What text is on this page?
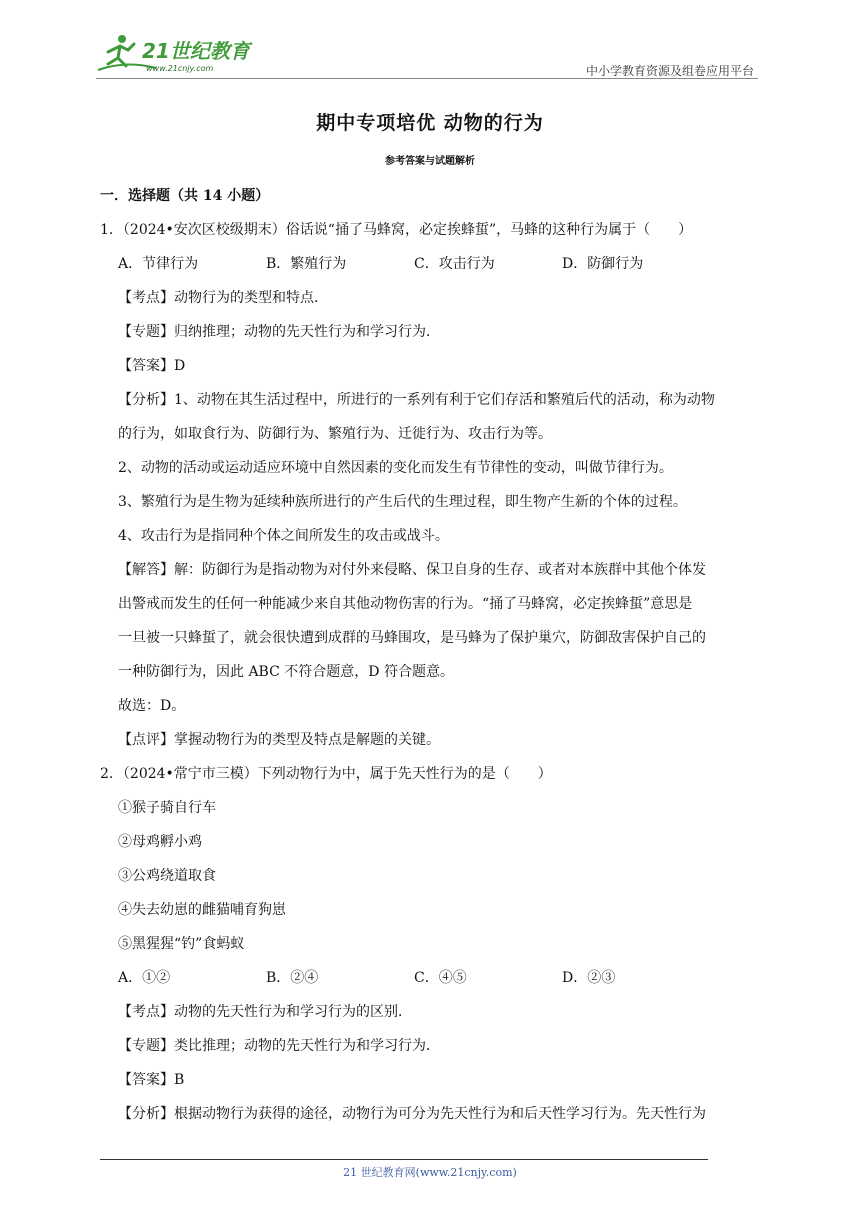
21世纪教育
www.21cnjy.com	中小学教育资源及组卷应用平台
期中专项培优 动物的行为
参考答案与试题解析
一．选择题（共 14 小题）
1．（2024•安次区校级期末）俗话说“捅了马蜂窝，必定挨蜂蜇”，马蜂的这种行为属于（　　）
A．节律行为	B．繁殖行为	C．攻击行为	D．防御行为
【考点】动物行为的类型和特点．
【专题】归纳推理；动物的先天性行为和学习行为．
【答案】D
【分析】1、动物在其生活过程中，所进行的一系列有利于它们存活和繁殖后代的活动，称为动物
的行为，如取食行为、防御行为、繁殖行为、迁徙行为、攻击行为等。
2、动物的活动或运动适应环境中自然因素的变化而发生有节律性的变动，叫做节律行为。
3、繁殖行为是生物为延续种族所进行的产生后代的生理过程，即生物产生新的个体的过程。
4、攻击行为是指同种个体之间所发生的攻击或战斗。
【解答】解：防御行为是指动物为对付外来侵略、保卫自身的生存、或者对本族群中其他个体发
出警戒而发生的任何一种能减少来自其他动物伤害的行为。“捅了马蜂窝，必定挨蜂蜇”意思是
一旦被一只蜂蜇了，就会很快遭到成群的马蜂围攻，是马蜂为了保护巢穴，防御敌害保护自己的
一种防御行为，因此 ABC 不符合题意，D 符合题意。
故选：D。
【点评】掌握动物行为的类型及特点是解题的关键。
2．（2024•常宁市三模）下列动物行为中，属于先天性行为的是（　　）
①猴子骑自行车
②母鸡孵小鸡
③公鸡绕道取食
④失去幼崽的雌猫哺育狗崽
⑤黑猩猩“钓”食蚂蚁
A．①②	B．②④	C．④⑤	D．②③
【考点】动物的先天性行为和学习行为的区别．
【专题】类比推理；动物的先天性行为和学习行为．
【答案】B
【分析】根据动物行为获得的途径，动物行为可分为先天性行为和后天性学习行为。先天性行为
21 世纪教育网(www.21cnjy.com)
